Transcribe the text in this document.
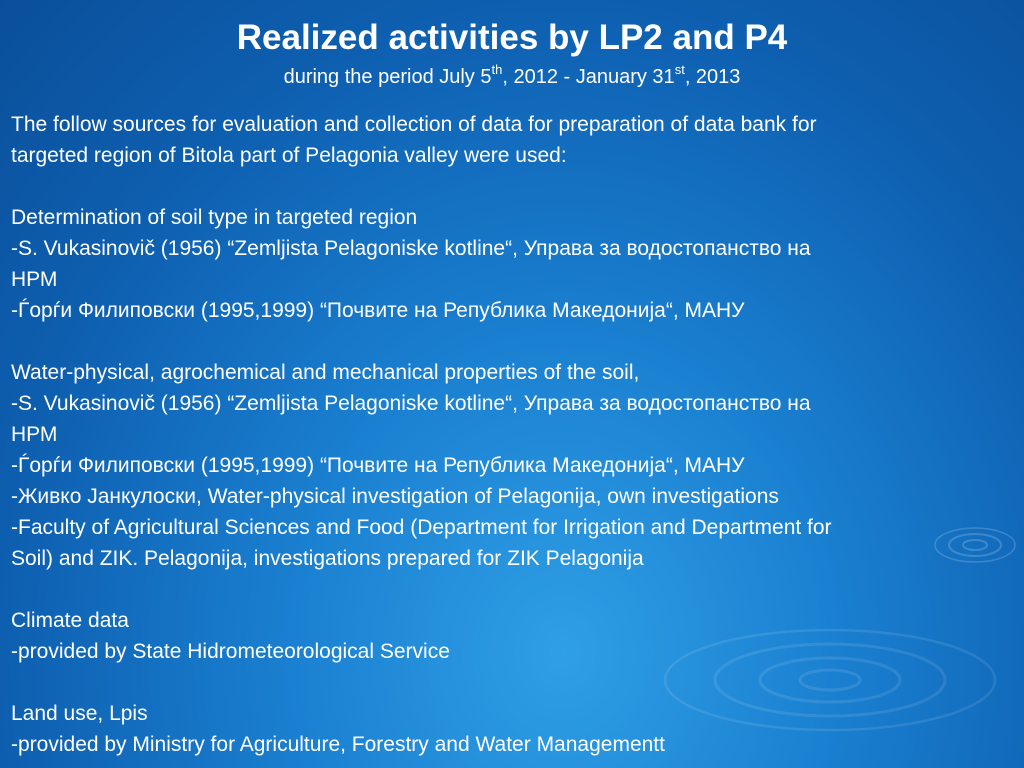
Realized activities by LP2 and P4

during the period July 5th, 2012 - January 31st, 2013

The follow sources for evaluation and collection of data for preparation of data bank for
targeted region of Bitola part of Pelagonia valley were used:
Determination of soil type in targeted region
-S. Vukasinovič (1956) “Zemljista Pelagoniske kotline“, Управа за водостопанство на
НРМ
-Ѓорѓи Филиповски (1995,1999) “Почвите на Република Македонија“, МАНУ
Water-physical, agrochemical and mechanical properties of the soil,
-S. Vukasinovič (1956) “Zemljista Pelagoniske kotline“, Управа за водостопанство на
НРМ
-Ѓорѓи Филиповски (1995,1999) “Почвите на Република Македонија“, МАНУ
-Живко Јанкулоски, Water-physical investigation of Pelagonija, own investigations
-Faculty of Agricultural Sciences and Food (Department for Irrigation and Department for
Soil) and ZIK. Pelagonija, investigations prepared for ZIK Pelagonija
Climate data
-provided by State Hidrometeorological Service
Land use, Lpis
-provided by Ministry for Agriculture, Forestry and Water Managementt
